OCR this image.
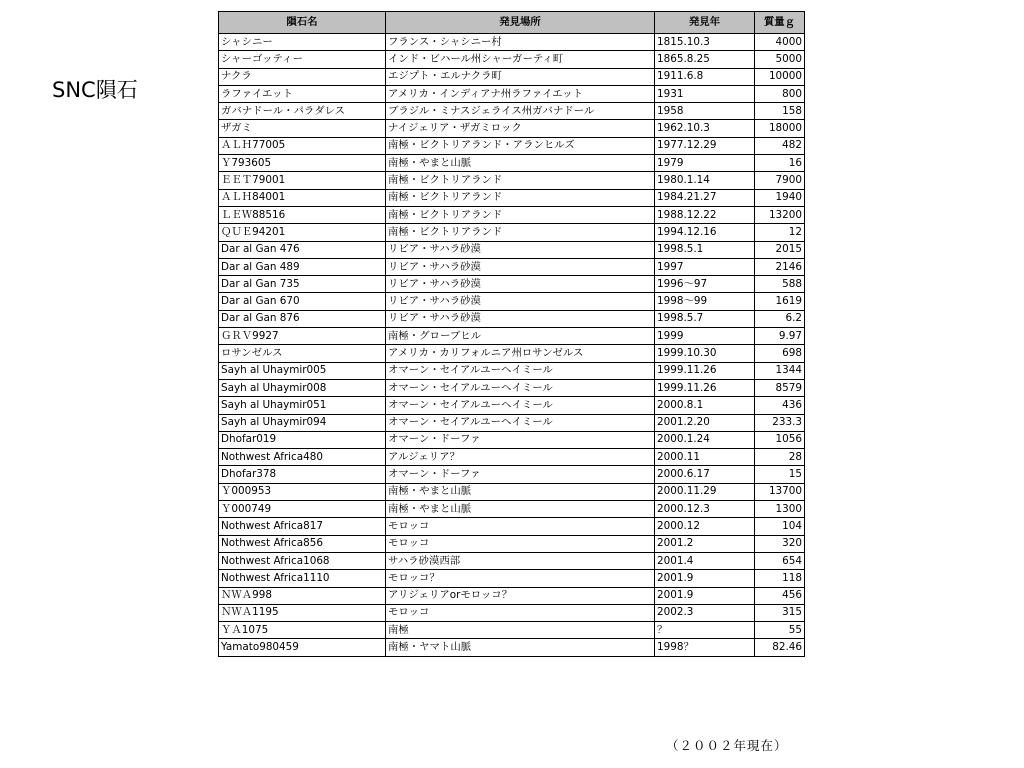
SNC隕石
隕石名	発見場所	発見年	質量ｇ
シャシニー	フランス・シャシニー村	1815.10.3	4000
シャーゴッティー	インド・ビハール州シャーガーティ町	1865.8.25	5000
ナクラ	エジプト・エルナクラ町	1911.6.8	10000
ラファイエット	アメリカ・インディアナ州ラファイエット	1931	800
ガバナドール・パラダレス	ブラジル・ミナスジェライス州ガバナドール	1958	158
ザガミ	ナイジェリア・ザガミロック	1962.10.3	18000
ＡＬＨ77005	南極・ビクトリアランド・アランヒルズ	1977.12.29	482
Ｙ793605	南極・やまと山脈	1979	16
ＥＥＴ79001	南極・ビクトリアランド	1980.1.14	7900
ＡＬＨ84001	南極・ビクトリアランド	1984.21.27	1940
ＬＥＷ88516	南極・ビクトリアランド	1988.12.22	13200
ＱＵＥ94201	南極・ビクトリアランド	1994.12.16	12
Dar al Gan 476	リビア・サハラ砂漠	1998.5.1	2015
Dar al Gan 489	リビア・サハラ砂漠	1997	2146
Dar al Gan 735	リビア・サハラ砂漠	1996～97	588
Dar al Gan 670	リビア・サハラ砂漠	1998～99	1619
Dar al Gan 876	リビア・サハラ砂漠	1998.5.7	6.2
ＧＲＶ9927	南極・グローブヒル	1999	9.97
ロサンゼルス	アメリカ・カリフォルニア州ロサンゼルス	1999.10.30	698
Sayh al Uhaymir005	オマーン・セイアルユーヘイミール	1999.11.26	1344
Sayh al Uhaymir008	オマーン・セイアルユーヘイミール	1999.11.26	8579
Sayh al Uhaymir051	オマーン・セイアルユーヘイミール	2000.8.1	436
Sayh al Uhaymir094	オマーン・セイアルユーヘイミール	2001.2.20	233.3
Dhofar019	オマーン・ドーファ	2000.1.24	1056
Nothwest Africa480	アルジェリア？	2000.11	28
Dhofar378	オマーン・ドーファ	2000.6.17	15
Ｙ000953	南極・やまと山脈	2000.11.29	13700
Ｙ000749	南極・やまと山脈	2000.12.3	1300
Nothwest Africa817	モロッコ	2000.12	104
Nothwest Africa856	モロッコ	2001.2	320
Nothwest Africa1068	サハラ砂漠西部	2001.4	654
Nothwest Africa1110	モロッコ？	2001.9	118
ＮＷＡ998	アリジェリアorモロッコ？	2001.9	456
ＮＷＡ1195	モロッコ	2002.3	315
ＹＡ1075	南極	？	55
Yamato980459	南極・ヤマト山脈	1998？	82.46
（２００２年現在）
